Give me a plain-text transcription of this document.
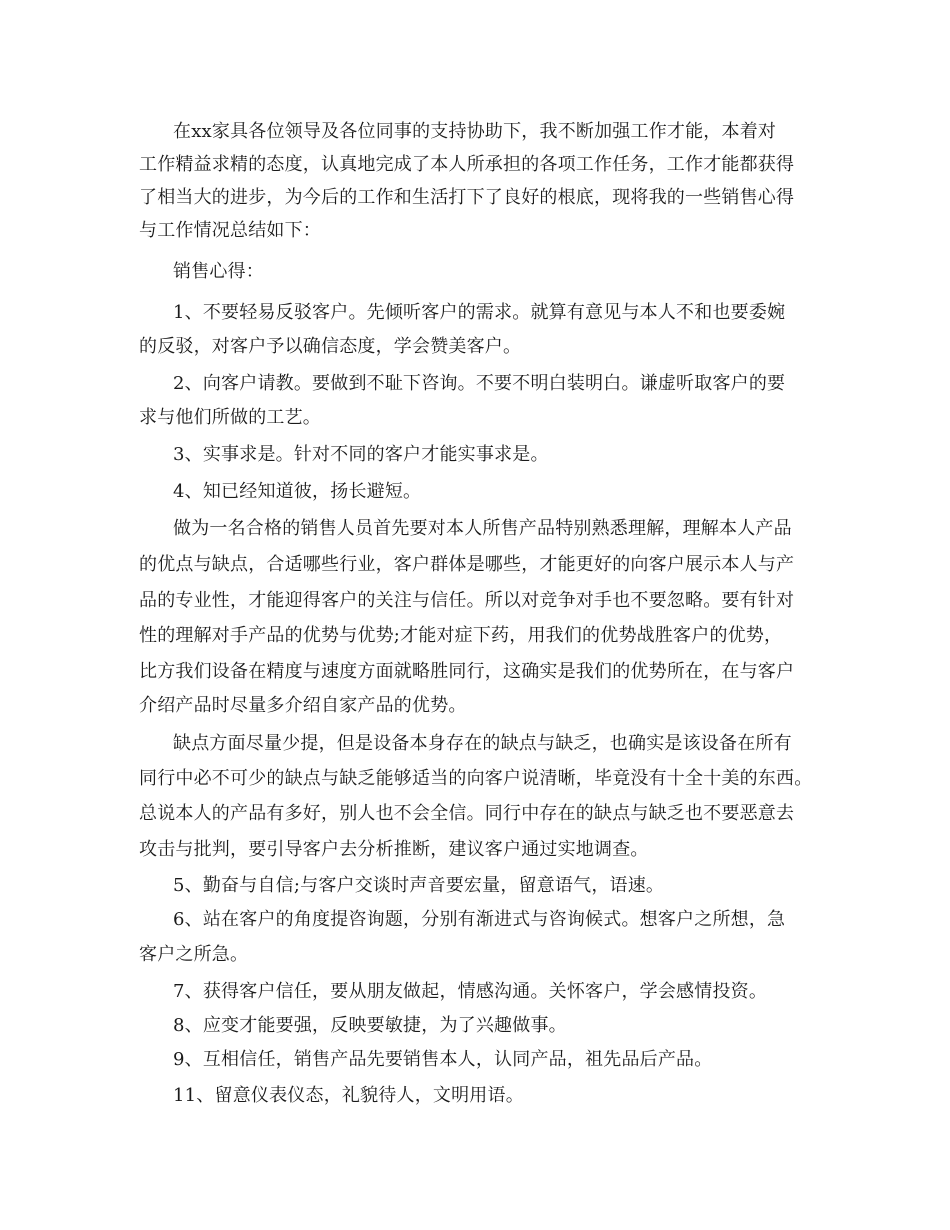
在xx家具各位领导及各位同事的支持协助下，我不断加强工作才能，本着对
工作精益求精的态度，认真地完成了本人所承担的各项工作任务，工作才能都获得
了相当大的进步，为今后的工作和生活打下了良好的根底，现将我的一些销售心得
与工作情况总结如下：
销售心得：
1、不要轻易反驳客户。先倾听客户的需求。就算有意见与本人不和也要委婉
的反驳，对客户予以确信态度，学会赞美客户。
2、向客户请教。要做到不耻下咨询。不要不明白装明白。谦虚听取客户的要
求与他们所做的工艺。
3、实事求是。针对不同的客户才能实事求是。
4、知已经知道彼，扬长避短。
做为一名合格的销售人员首先要对本人所售产品特别熟悉理解，理解本人产品
的优点与缺点，合适哪些行业，客户群体是哪些，才能更好的向客户展示本人与产
品的专业性，才能迎得客户的关注与信任。所以对竞争对手也不要忽略。要有针对
性的理解对手产品的优势与优势;才能对症下药，用我们的优势战胜客户的优势，
比方我们设备在精度与速度方面就略胜同行，这确实是我们的优势所在，在与客户
介绍产品时尽量多介绍自家产品的优势。
缺点方面尽量少提，但是设备本身存在的缺点与缺乏，也确实是该设备在所有
同行中必不可少的缺点与缺乏能够适当的向客户说清晰，毕竟没有十全十美的东西。
总说本人的产品有多好，别人也不会全信。同行中存在的缺点与缺乏也不要恶意去
攻击与批判，要引导客户去分析推断，建议客户通过实地调查。
5、勤奋与自信;与客户交谈时声音要宏量，留意语气，语速。
6、站在客户的角度提咨询题，分别有渐进式与咨询候式。想客户之所想，急
客户之所急。
7、获得客户信任，要从朋友做起，情感沟通。关怀客户，学会感情投资。
8、应变才能要强，反映要敏捷，为了兴趣做事。
9、互相信任，销售产品先要销售本人，认同产品，祖先品后产品。
11、留意仪表仪态，礼貌待人，文明用语。
